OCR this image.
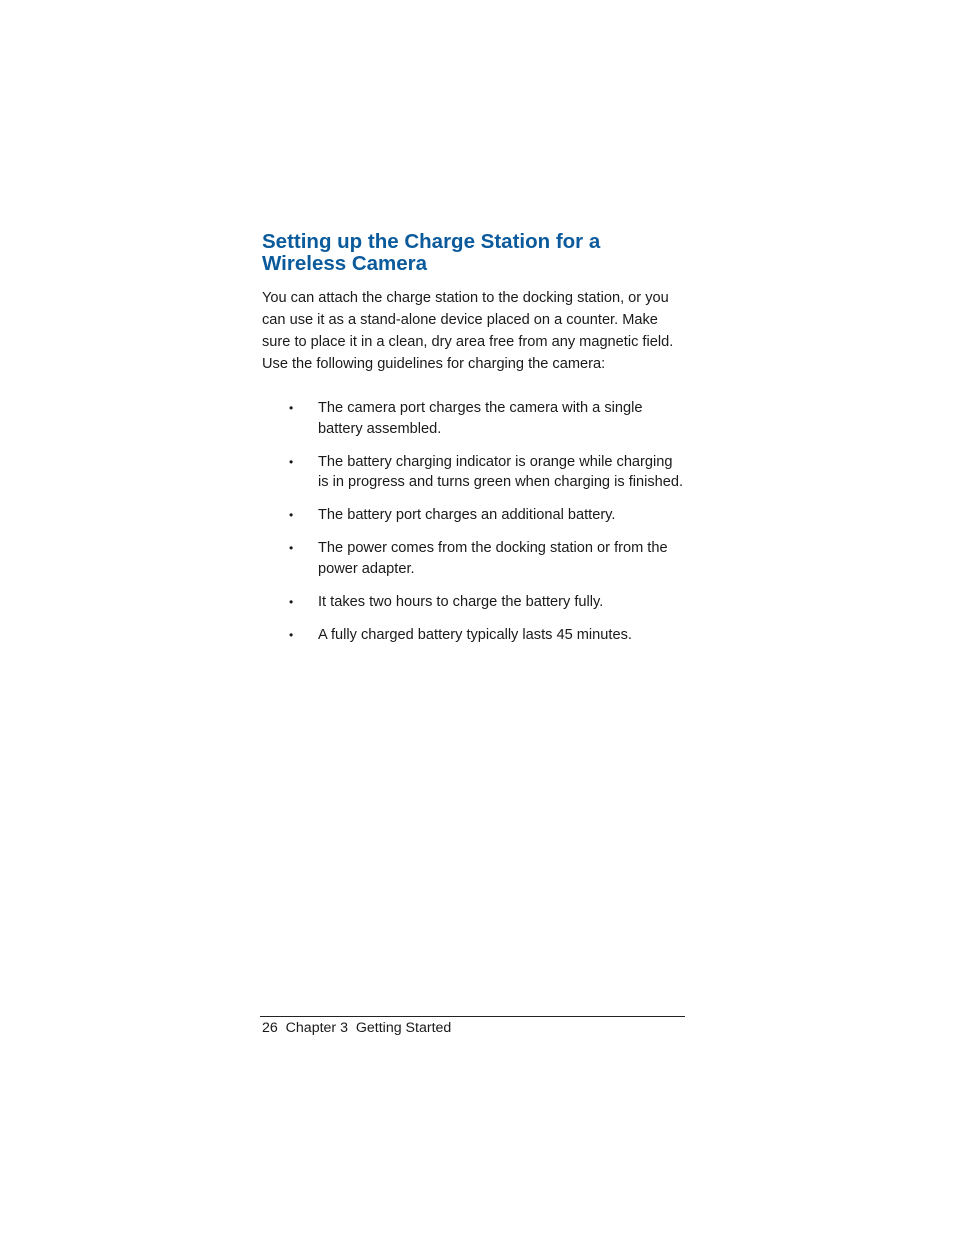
Setting up the Charge Station for a Wireless Camera

You can attach the charge station to the docking station, or you can use it as a stand-alone device placed on a counter. Make sure to place it in a clean, dry area free from any magnetic field. Use the following guidelines for charging the camera:

• The camera port charges the camera with a single battery assembled.
• The battery charging indicator is orange while charging is in progress and turns green when charging is finished.
• The battery port charges an additional battery.
• The power comes from the docking station or from the power adapter.
• It takes two hours to charge the battery fully.
• A fully charged battery typically lasts 45 minutes.
26 Chapter 3 Getting Started
